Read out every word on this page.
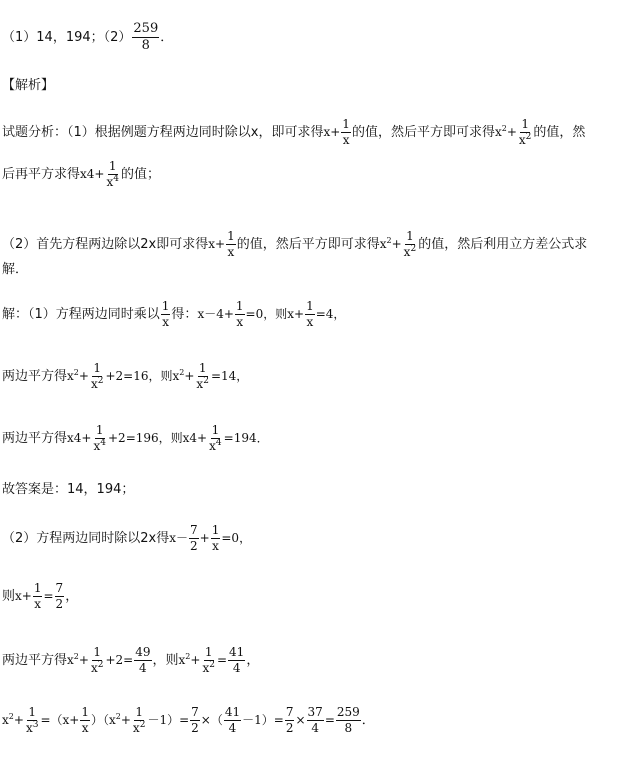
（1）14，194；$(2) \frac{259}{8}$ ．
【解析】
试题分析：（1）根据例题方程两边同时除以x，即可求得 $x+ \frac{1}{x}$ 的值，然后平方即可求得 $x^2+ \frac{1}{x^2}$ 的值，然
后再平方求得 $x4+ \frac{1}{x^4}$ 的值；
（2）首先方程两边除以2x即可求得 $x+ \frac{1}{x}$ 的值，然后平方即可求得 $x^2+ \frac{1}{x^2}$ 的值，然后利用立方差公式求
解．
解：（1）方程两边同时乘以 $\frac{1}{x}$ 得： $x-4+ \frac{1}{x} =0$，则 $x+ \frac{1}{x} =4$，
两边平方得 $x^2+ \frac{1}{x^2} +2=16$，则 $x^2+ \frac{1}{x^2} =14$，
两边平方得 $x4+ \frac{1}{x^4} +2=196$，则 $x4+ \frac{1}{x^4} =194$．
故答案是：14，194；
（2）方程两边同时除以2x得 $x- \frac{7}{2} + \frac{1}{x} =0$，
则 $x+ \frac{1}{x} = \frac{7}{2}$ ，
两边平方得 $x^2+ \frac{1}{x^2} +2= \frac{49}{4}$ ，则 $x^2+ \frac{1}{x^2} = \frac{41}{4}$ ，
$x^2+ \frac{1}{x^3} =(x+ \frac{1}{x} )(x^2+ \frac{1}{x^2} -1)= \frac{7}{2}$ ×（ $\frac{41}{4} -1)= \frac{7}{2} \times \frac{37}{4} = \frac{259}{8}$ ．
